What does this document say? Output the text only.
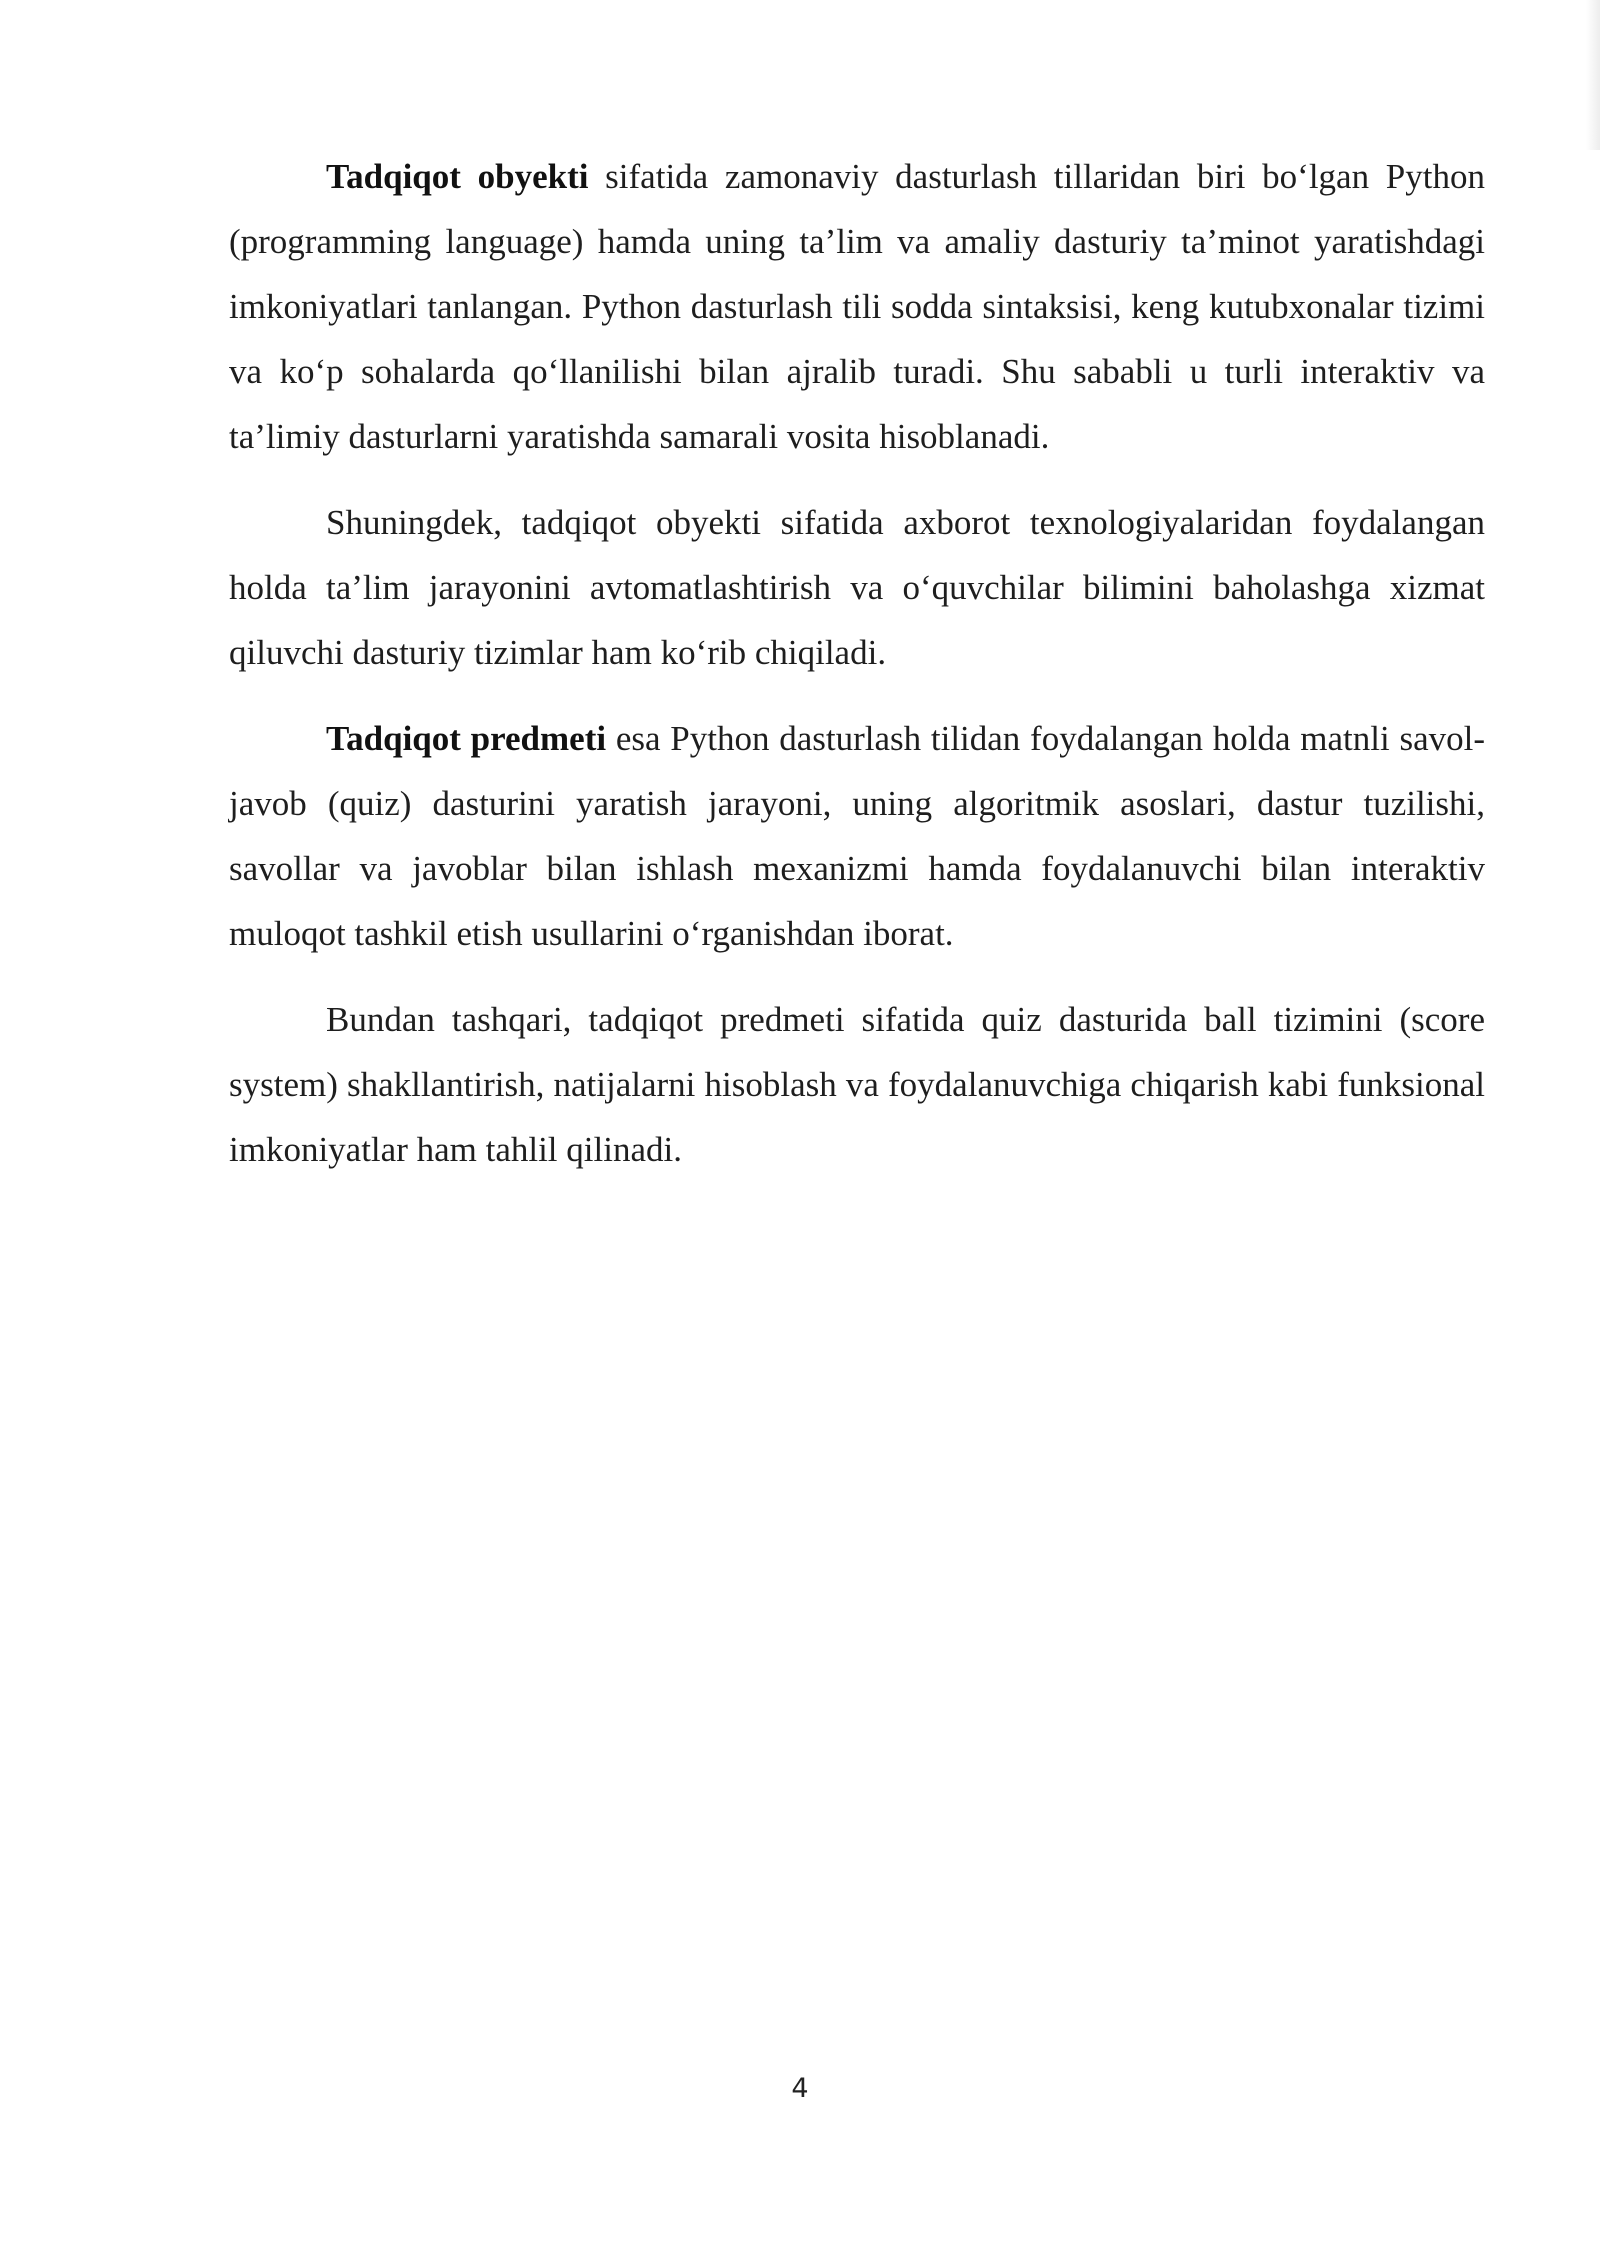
Tadqiqot obyekti sifatida zamonaviy dasturlash tillaridan biri bo‘lgan Python (programming language) hamda uning ta’lim va amaliy dasturiy ta’minot yaratishdagi imkoniyatlari tanlangan. Python dasturlash tili sodda sintaksisi, keng kutubxonalar tizimi va ko‘p sohalarda qo‘llanilishi bilan ajralib turadi. Shu sababli u turli interaktiv va ta’limiy dasturlarni yaratishda samarali vosita hisoblanadi.

Shuningdek, tadqiqot obyekti sifatida axborot texnologiyalaridan foydalangan holda ta’lim jarayonini avtomatlashtirish va o‘quvchilar bilimini baholashga xizmat qiluvchi dasturiy tizimlar ham ko‘rib chiqiladi.

Tadqiqot predmeti esa Python dasturlash tilidan foydalangan holda matnli savol-javob (quiz) dasturini yaratish jarayoni, uning algoritmik asoslari, dastur tuzilishi, savollar va javoblar bilan ishlash mexanizmi hamda foydalanuvchi bilan interaktiv muloqot tashkil etish usullarini o‘rganishdan iborat.

Bundan tashqari, tadqiqot predmeti sifatida quiz dasturida ball tizimini (score system) shakllantirish, natijalarni hisoblash va foydalanuvchiga chiqarish kabi funksional imkoniyatlar ham tahlil qilinadi.

4
